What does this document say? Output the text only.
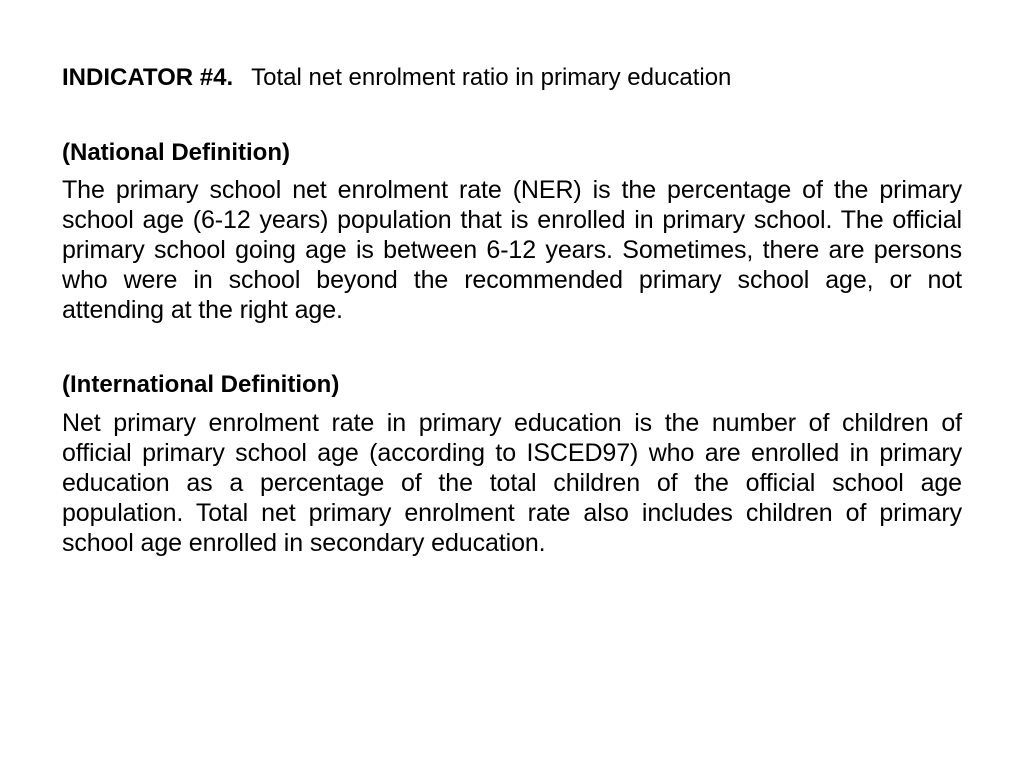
INDICATOR #4. Total net enrolment ratio in primary education
(National Definition)
The primary school net enrolment rate (NER) is the percentage of the primary school age (6-12 years) population that is enrolled in primary school. The official primary school going age is between 6-12 years. Sometimes, there are persons who were in school beyond the recommended primary school age, or not attending at the right age.
(International Definition)
Net primary enrolment rate in primary education is the number of children of official primary school age (according to ISCED97) who are enrolled in primary education as a percentage of the total children of the official school age population. Total net primary enrolment rate also includes children of primary school age enrolled in secondary education.
